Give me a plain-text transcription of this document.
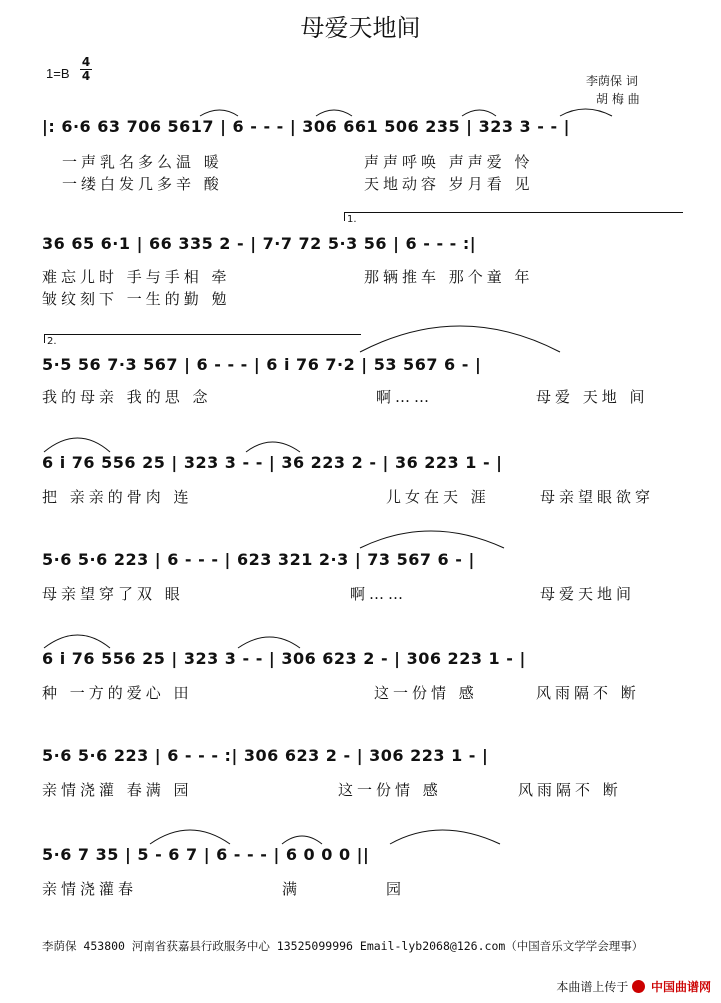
母爱天地间
1=B
4
4	李荫保 词
胡 梅 曲
|: 6·6 63 706 5617 | 6 - - - | 306 661 506 235 | 323 3 - - |
一声乳名多么温 暖	声声呼唤 声声爱 怜
一缕白发几多辛 酸	天地动容 岁月看 见
1.
36 65 6·1 | 66 335 2 - | 7·7 72 5·3 56 | 6 - - - :|
难忘儿时 手与手相 牵	那辆推车 那个童 年
皱纹刻下 一生的勤 勉
2.
5·5 56 7·3 567 | 6 - - - | 6 i 76 7·2 | 53 567 6 - |
我的母亲 我的思 念	啊……	母爱 天地 间
6 i 76 556 25 | 323 3 - - | 36 223 2 - | 36 223 1 - |
把 亲亲的骨肉 连	儿女在天 涯	母亲望眼欲穿
5·6 5·6 223 | 6 - - - | 623 321 2·3 | 73 567 6 - |
母亲望穿了双 眼	啊……	母爱天地间
6 i 76 556 25 | 323 3 - - | 306 623 2 - | 306 223 1 - |
种 一方的爱心 田	这一份情 感	风雨隔不 断
5·6 5·6 223 | 6 - - - :| 306 623 2 - | 306 223 1 - |
亲情浇灌 春满 园	这一份情 感	风雨隔不 断
5·6 7 35 | 5 - 6 7 | 6 - - - | 6 0 0 0 ||
亲情浇灌春	满	园
李荫保 453800 河南省获嘉县行政服务中心 13525099996 Email-lyb2068@126.com（中国音乐文学学会理事）
本曲谱上传于 中国曲谱网
